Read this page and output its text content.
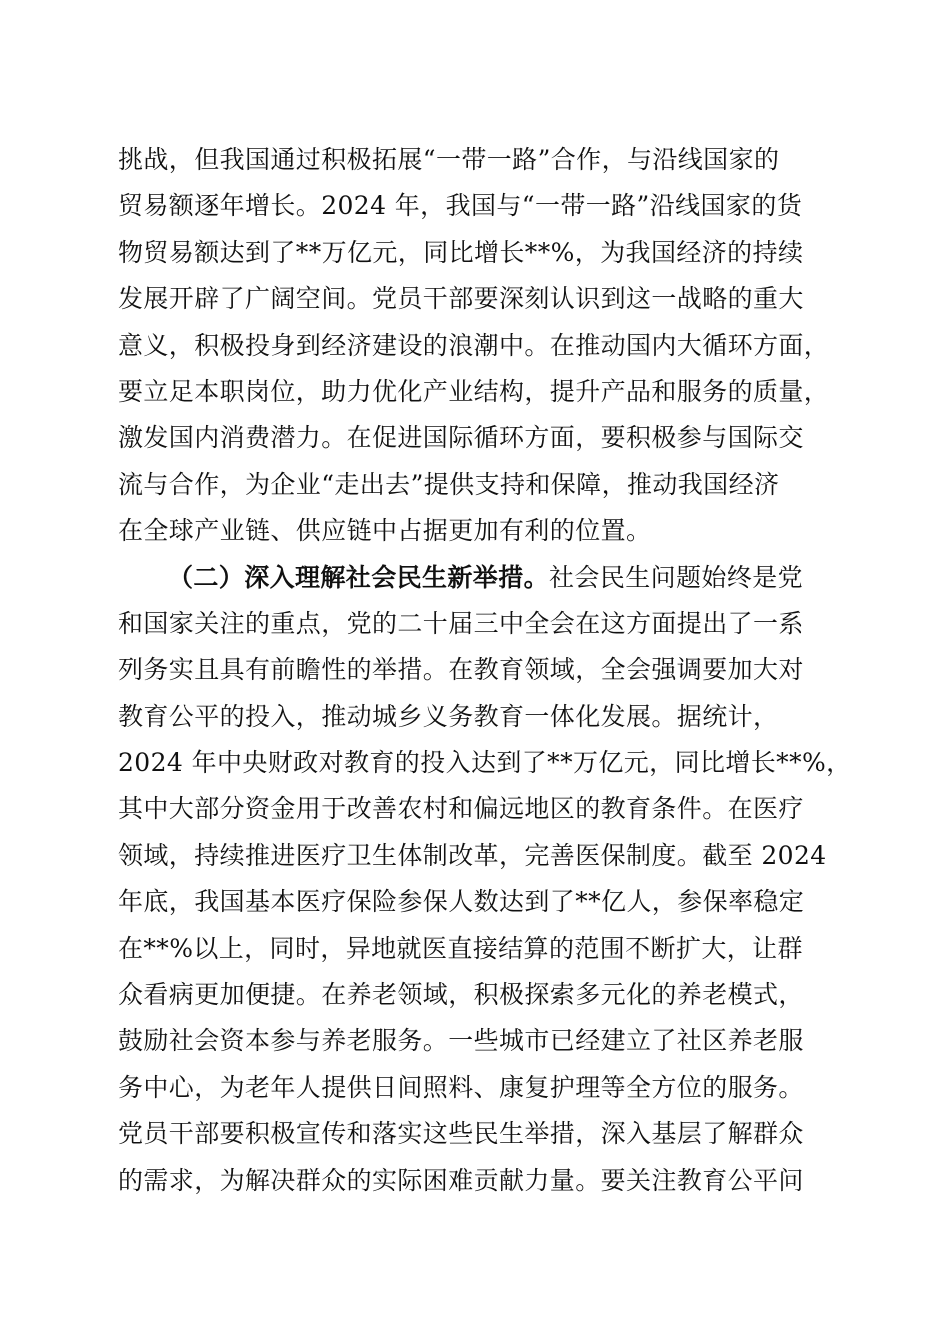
挑战，但我国通过积极拓展“一带一路”合作，与沿线国家的
贸易额逐年增长。2024 年，我国与“一带一路”沿线国家的货
物贸易额达到了**万亿元，同比增长**%，为我国经济的持续
发展开辟了广阔空间。党员干部要深刻认识到这一战略的重大
意义，积极投身到经济建设的浪潮中。在推动国内大循环方面，
要立足本职岗位，助力优化产业结构，提升产品和服务的质量，
激发国内消费潜力。在促进国际循环方面，要积极参与国际交
流与合作，为企业“走出去”提供支持和保障，推动我国经济
在全球产业链、供应链中占据更加有利的位置。
（二）深入理解社会民生新举措。社会民生问题始终是党
和国家关注的重点，党的二十届三中全会在这方面提出了一系
列务实且具有前瞻性的举措。在教育领域，全会强调要加大对
教育公平的投入，推动城乡义务教育一体化发展。据统计，
2024 年中央财政对教育的投入达到了**万亿元，同比增长**%，
其中大部分资金用于改善农村和偏远地区的教育条件。在医疗
领域，持续推进医疗卫生体制改革，完善医保制度。截至 2024
年底，我国基本医疗保险参保人数达到了**亿人，参保率稳定
在**%以上，同时，异地就医直接结算的范围不断扩大，让群
众看病更加便捷。在养老领域，积极探索多元化的养老模式，
鼓励社会资本参与养老服务。一些城市已经建立了社区养老服
务中心，为老年人提供日间照料、康复护理等全方位的服务。
党员干部要积极宣传和落实这些民生举措，深入基层了解群众
的需求，为解决群众的实际困难贡献力量。要关注教育公平问
